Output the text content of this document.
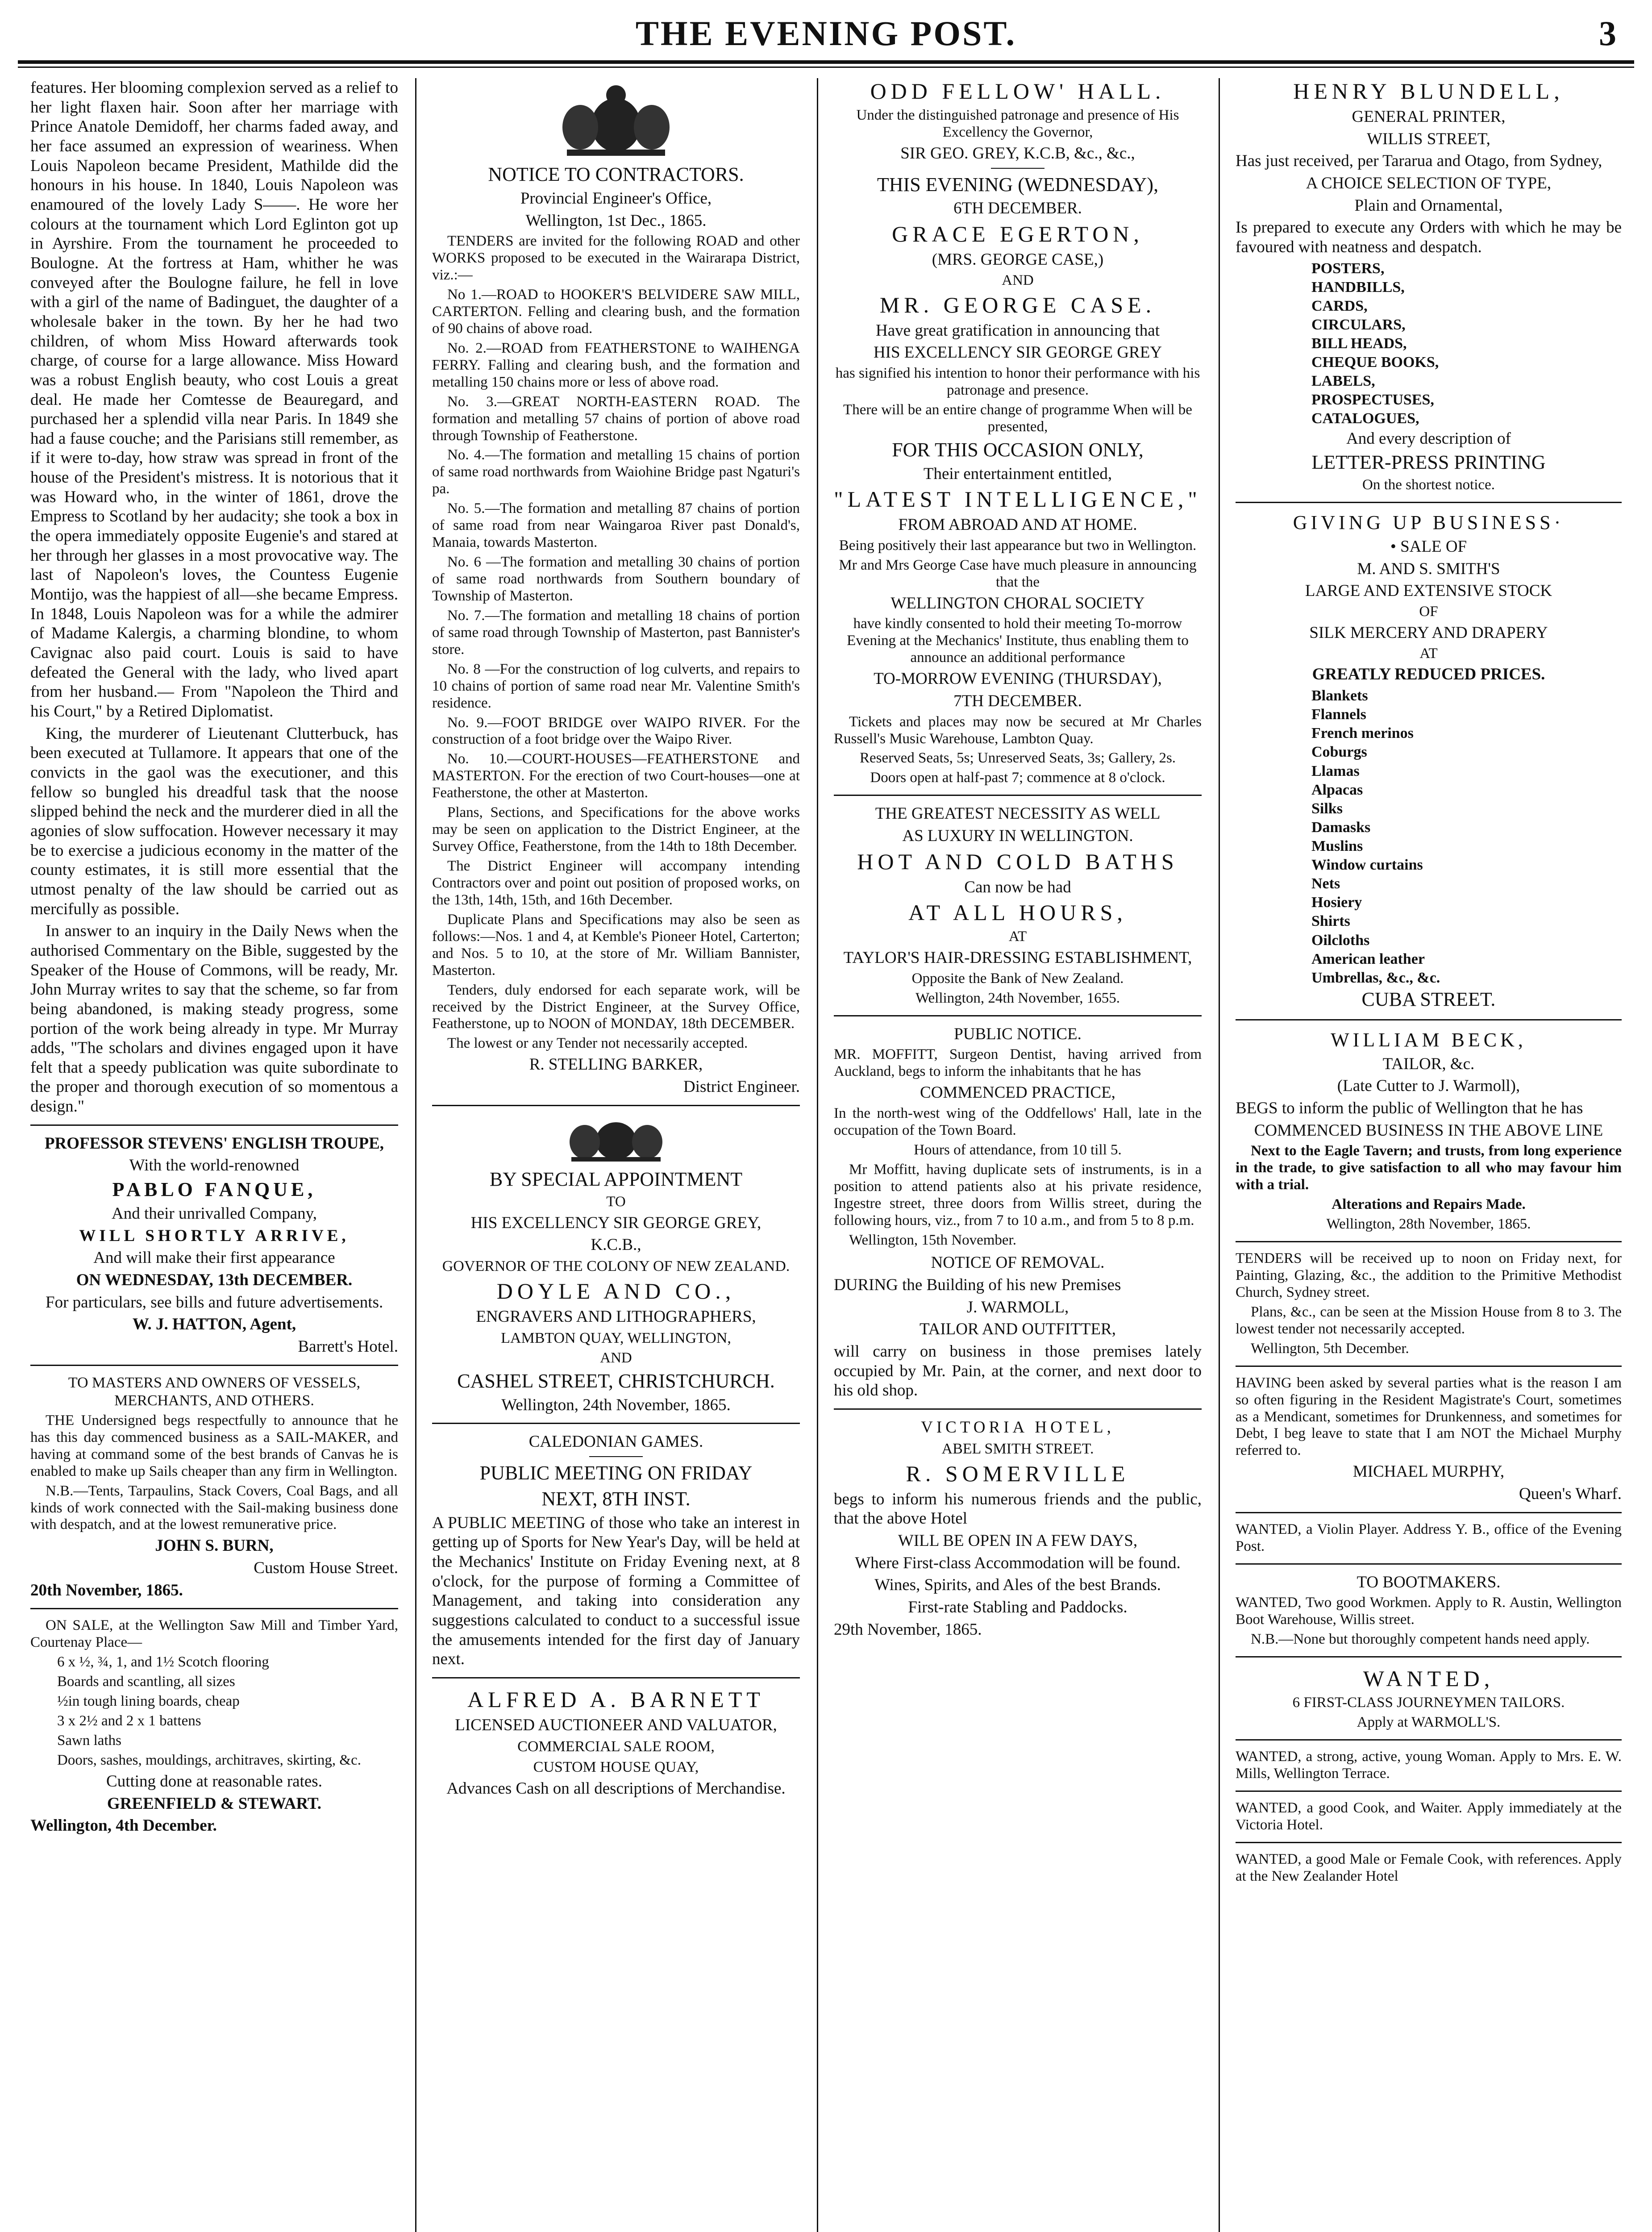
THE EVENING POST.	3

features. Her blooming complexion served as a relief to her light flaxen hair. Soon after her marriage with Prince Anatole Demidoff, her charms faded away, and her face assumed an expression of weariness. When Louis Napoleon became President, Mathilde did the honours in his house. In 1840, Louis Napoleon was enamoured of the lovely Lady S——. He wore her colours at the tournament which Lord Eglinton got up in Ayrshire. From the tournament he proceeded to Boulogne. At the fortress at Ham, whither he was conveyed after the Boulogne failure, he fell in love with a girl of the name of Badinguet, the daughter of a wholesale baker in the town. By her he had two children, of whom Miss Howard afterwards took charge, of course for a large allowance. Miss Howard was a robust English beauty, who cost Louis a great deal. He made her Comtesse de Beauregard, and purchased her a splendid villa near Paris. In 1849 she had a fause couche; and the Parisians still remember, as if it were to-day, how straw was spread in front of the house of the President's mistress. It is notorious that it was Howard who, in the winter of 1861, drove the Empress to Scotland by her audacity; she took a box in the opera immediately opposite Eugenie's and stared at her through her glasses in a most provocative way. The last of Napoleon's loves, the Countess Eugenie Montijo, was the happiest of all—she became Empress. In 1848, Louis Napoleon was for a while the admirer of Madame Kalergis, a charming blondine, to whom Cavignac also paid court. Louis is said to have defeated the General with the lady, who lived apart from her husband.— From "Napoleon the Third and his Court," by a Retired Diplomatist.

King, the murderer of Lieutenant Clutterbuck, has been executed at Tullamore. It appears that one of the convicts in the gaol was the executioner, and this fellow so bungled his dreadful task that the noose slipped behind the neck and the murderer died in all the agonies of slow suffocation. However necessary it may be to exercise a judicious economy in the matter of the county estimates, it is still more essential that the utmost penalty of the law should be carried out as mercifully as possible.

In answer to an inquiry in the Daily News when the authorised Commentary on the Bible, suggested by the Speaker of the House of Commons, will be ready, Mr. John Murray writes to say that the scheme, so far from being abandoned, is making steady progress, some portion of the work being already in type. Mr Murray adds, "The scholars and divines engaged upon it have felt that a speedy publication was quite subordinate to the proper and thorough execution of so momentous a design."

PROFESSOR STEVENS' ENGLISH TROUPE,

With the world-renowned

PABLO FANQUE,

And their unrivalled Company,

WILL SHORTLY ARRIVE,

And will make their first appearance

ON WEDNESDAY, 13th DECEMBER.

For particulars, see bills and future advertisements.

W. J. HATTON, Agent,

Barrett's Hotel.

TO MASTERS AND OWNERS OF VESSELS, MERCHANTS, AND OTHERS.

THE Undersigned begs respectfully to announce that he has this day commenced business as a SAIL-MAKER, and having at command some of the best brands of Canvas he is enabled to make up Sails cheaper than any firm in Wellington.

N.B.—Tents, Tarpaulins, Stack Covers, Coal Bags, and all kinds of work connected with the Sail-making business done with despatch, and at the lowest remunerative price.

JOHN S. BURN,

Custom House Street.

20th November, 1865.

ON SALE, at the Wellington Saw Mill and Timber Yard, Courtenay Place—

6 x ½, ¾, 1, and 1½ Scotch flooring

Boards and scantling, all sizes

½in tough lining boards, cheap

3 x 2½ and 2 x 1 battens

Sawn laths

Doors, sashes, mouldings, architraves, skirting, &c.

Cutting done at reasonable rates.

GREENFIELD & STEWART.

Wellington, 4th December.

NOTICE TO CONTRACTORS.

Provincial Engineer's Office,

Wellington, 1st Dec., 1865.

TENDERS are invited for the following ROAD and other WORKS proposed to be executed in the Wairarapa District, viz.:—

No 1.—ROAD to HOOKER'S BELVIDERE SAW MILL, CARTERTON. Felling and clearing bush, and the formation of 90 chains of above road.

No. 2.—ROAD from FEATHERSTONE to WAIHENGA FERRY. Falling and clearing bush, and the formation and metalling 150 chains more or less of above road.

No. 3.—GREAT NORTH-EASTERN ROAD. The formation and metalling 57 chains of portion of above road through Township of Featherstone.

No. 4.—The formation and metalling 15 chains of portion of same road northwards from Waiohine Bridge past Ngaturi's pa.

No. 5.—The formation and metalling 87 chains of portion of same road from near Waingaroa River past Donald's, Manaia, towards Masterton.

No. 6 —The formation and metalling 30 chains of portion of same road northwards from Southern boundary of Township of Masterton.

No. 7.—The formation and metalling 18 chains of portion of same road through Township of Masterton, past Bannister's store.

No. 8 —For the construction of log culverts, and repairs to 10 chains of portion of same road near Mr. Valentine Smith's residence.

No. 9.—FOOT BRIDGE over WAIPO RIVER. For the construction of a foot bridge over the Waipo River.

No. 10.—COURT-HOUSES—FEATHERSTONE and MASTERTON. For the erection of two Court-houses—one at Featherstone, the other at Masterton.

Plans, Sections, and Specifications for the above works may be seen on application to the District Engineer, at the Survey Office, Featherstone, from the 14th to 18th December.

The District Engineer will accompany intending Contractors over and point out position of proposed works, on the 13th, 14th, 15th, and 16th December.

Duplicate Plans and Specifications may also be seen as follows:—Nos. 1 and 4, at Kemble's Pioneer Hotel, Carterton; and Nos. 5 to 10, at the store of Mr. William Bannister, Masterton.

Tenders, duly endorsed for each separate work, will be received by the District Engineer, at the Survey Office, Featherstone, up to NOON of MONDAY, 18th DECEMBER.

The lowest or any Tender not necessarily accepted.

R. STELLING BARKER,

District Engineer.

BY SPECIAL APPOINTMENT

TO

HIS EXCELLENCY SIR GEORGE GREY,

K.C.B.,

GOVERNOR OF THE COLONY OF NEW ZEALAND.

DOYLE AND CO.,

ENGRAVERS AND LITHOGRAPHERS,

LAMBTON QUAY, WELLINGTON,

AND

CASHEL STREET, CHRISTCHURCH.

Wellington, 24th November, 1865.

CALEDONIAN GAMES.

PUBLIC MEETING ON FRIDAY

NEXT, 8TH INST.

A PUBLIC MEETING of those who take an interest in getting up of Sports for New Year's Day, will be held at the Mechanics' Institute on Friday Evening next, at 8 o'clock, for the purpose of forming a Committee of Management, and taking into consideration any suggestions calculated to conduct to a successful issue the amusements intended for the first day of January next.

ALFRED A. BARNETT

LICENSED AUCTIONEER AND VALUATOR,

COMMERCIAL SALE ROOM,

CUSTOM HOUSE QUAY,

Advances Cash on all descriptions of Merchandise.

ODD FELLOW' HALL.

Under the distinguished patronage and presence of His Excellency the Governor,

SIR GEO. GREY, K.C.B, &c., &c.,

THIS EVENING (WEDNESDAY),

6TH DECEMBER.

GRACE EGERTON,

(MRS. GEORGE CASE,)

AND

MR. GEORGE CASE.

Have great gratification in announcing that

HIS EXCELLENCY SIR GEORGE GREY

has signified his intention to honor their performance with his patronage and presence.

There will be an entire change of programme When will be presented,

FOR THIS OCCASION ONLY,

Their entertainment entitled,

"LATEST INTELLIGENCE,"

FROM ABROAD AND AT HOME.

Being positively their last appearance but two in Wellington.

Mr and Mrs George Case have much pleasure in announcing that the

WELLINGTON CHORAL SOCIETY

have kindly consented to hold their meeting To-morrow Evening at the Mechanics' Institute, thus enabling them to announce an additional performance

TO-MORROW EVENING (THURSDAY),

7TH DECEMBER.

Tickets and places may now be secured at Mr Charles Russell's Music Warehouse, Lambton Quay.

Reserved Seats, 5s; Unreserved Seats, 3s; Gallery, 2s.

Doors open at half-past 7; commence at 8 o'clock.

THE GREATEST NECESSITY AS WELL

AS LUXURY IN WELLINGTON.

HOT AND COLD BATHS

Can now be had

AT ALL HOURS,

AT

TAYLOR'S HAIR-DRESSING ESTABLISHMENT,

Opposite the Bank of New Zealand.

Wellington, 24th November, 1655.

PUBLIC NOTICE.

MR. MOFFITT, Surgeon Dentist, having arrived from Auckland, begs to inform the inhabitants that he has

COMMENCED PRACTICE,

In the north-west wing of the Oddfellows' Hall, late in the occupation of the Town Board.

Hours of attendance, from 10 till 5.

Mr Moffitt, having duplicate sets of instruments, is in a position to attend patients also at his private residence, Ingestre street, three doors from Willis street, during the following hours, viz., from 7 to 10 a.m., and from 5 to 8 p.m.

Wellington, 15th November.

NOTICE OF REMOVAL.

DURING the Building of his new Premises

J. WARMOLL,

TAILOR AND OUTFITTER,

will carry on business in those premises lately occupied by Mr. Pain, at the corner, and next door to his old shop.

VICTORIA HOTEL,

ABEL SMITH STREET.

R. SOMERVILLE

begs to inform his numerous friends and the public, that the above Hotel

WILL BE OPEN IN A FEW DAYS,

Where First-class Accommodation will be found.

Wines, Spirits, and Ales of the best Brands.

First-rate Stabling and Paddocks.

29th November, 1865.

HENRY BLUNDELL,

GENERAL PRINTER,

WILLIS STREET,

Has just received, per Tararua and Otago, from Sydney,

A CHOICE SELECTION OF TYPE,

Plain and Ornamental,

Is prepared to execute any Orders with which he may be favoured with neatness and despatch.

POSTERS,

HANDBILLS,

CARDS,

CIRCULARS,

BILL HEADS,

CHEQUE BOOKS,

LABELS,

PROSPECTUSES,

CATALOGUES,

And every description of

LETTER-PRESS PRINTING

On the shortest notice.

GIVING UP BUSINESS·

• SALE OF

M. AND S. SMITH'S

LARGE AND EXTENSIVE STOCK

OF

SILK MERCERY AND DRAPERY

AT

GREATLY REDUCED PRICES.

Blankets

Flannels

French merinos

Coburgs

Llamas

Alpacas

Silks

Damasks

Muslins

Window curtains

Nets

Hosiery

Shirts

Oilcloths

American leather

Umbrellas, &c., &c.

CUBA STREET.

WILLIAM BECK,

TAILOR, &c.

(Late Cutter to J. Warmoll),

BEGS to inform the public of Wellington that he has

COMMENCED BUSINESS IN THE ABOVE LINE

Next to the Eagle Tavern; and trusts, from long experience in the trade, to give satisfaction to all who may favour him with a trial.

Alterations and Repairs Made.

Wellington, 28th November, 1865.

TENDERS will be received up to noon on Friday next, for Painting, Glazing, &c., the addition to the Primitive Methodist Church, Sydney street.

Plans, &c., can be seen at the Mission House from 8 to 3. The lowest tender not necessarily accepted.

Wellington, 5th December.

HAVING been asked by several parties what is the reason I am so often figuring in the Resident Magistrate's Court, sometimes as a Mendicant, sometimes for Drunkenness, and sometimes for Debt, I beg leave to state that I am NOT the Michael Murphy referred to.

MICHAEL MURPHY,

Queen's Wharf.

WANTED, a Violin Player. Address Y. B., office of the Evening Post.

TO BOOTMAKERS.

WANTED, Two good Workmen. Apply to R. Austin, Wellington Boot Warehouse, Willis street.

N.B.—None but thoroughly competent hands need apply.

WANTED,

6 FIRST-CLASS JOURNEYMEN TAILORS.

Apply at WARMOLL'S.

WANTED, a strong, active, young Woman. Apply to Mrs. E. W. Mills, Wellington Terrace.

WANTED, a good Cook, and Waiter. Apply immediately at the Victoria Hotel.

WANTED, a good Male or Female Cook, with references. Apply at the New Zealander Hotel
